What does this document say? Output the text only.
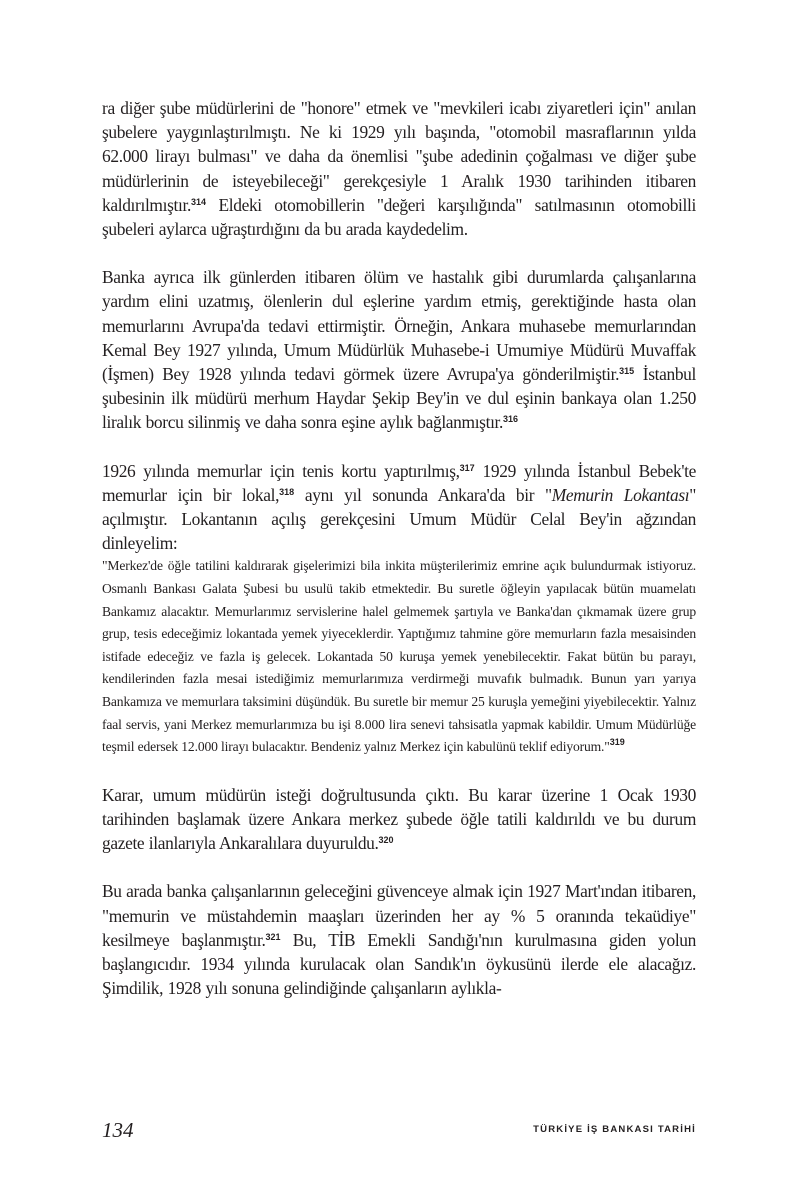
ra diğer şube müdürlerini de "honore" etmek ve "mevkileri icabı ziyaretleri için" anılan şubelere yaygınlaştırılmıştı. Ne ki 1929 yılı başında, "otomobil masraflarının yılda 62.000 lirayı bulması" ve daha da önemlisi "şube adedinin çoğalması ve diğer şube müdürlerinin de isteyebileceği" gerekçesiyle 1 Aralık 1930 tarihinden itibaren kaldırılmıştır.$^{314}$ Eldeki otomobillerin "değeri karşılığında" satılmasının otomobilli şubeleri aylarca uğraştırdığını da bu arada kaydedelim.

Banka ayrıca ilk günlerden itibaren ölüm ve hastalık gibi durumlarda çalışanlarına yardım elini uzatmış, ölenlerin dul eşlerine yardım etmiş, gerektiğinde hasta olan memurlarını Avrupa'da tedavi ettirmiştir. Örneğin, Ankara muhasebe memurlarından Kemal Bey 1927 yılında, Umum Müdürlük Muhasebe-i Umumiye Müdürü Muvaffak (İşmen) Bey 1928 yılında tedavi görmek üzere Avrupa'ya gönderilmiştir.$^{315}$ İstanbul şubesinin ilk müdürü merhum Haydar Şekip Bey'in ve dul eşinin bankaya olan 1.250 liralık borcu silinmiş ve daha sonra eşine aylık bağlanmıştır.$^{316}$

1926 yılında memurlar için tenis kortu yaptırılmış,$^{317}$ 1929 yılında İstanbul Bebek'te memurlar için bir lokal,$^{318}$ aynı yıl sonunda Ankara'da bir "Memurin Lokantası" açılmıştır. Lokantanın açılış gerekçesini Umum Müdür Celal Bey'in ağzından dinleyelim:

"Merkez'de öğle tatilini kaldırarak gişelerimizi bila inkita müşterilerimiz emrine açık bulundurmak istiyoruz. Osmanlı Bankası Galata Şubesi bu usulü takib etmektedir. Bu suretle öğleyin yapılacak bütün muamelatı Bankamız alacaktır. Memurlarımız servislerine halel gelmemek şartıyla ve Banka'dan çıkmamak üzere grup grup, tesis edeceğimiz lokantada yemek yiyeceklerdir. Yaptığımız tahmine göre memurların fazla mesaisinden istifade edeceğiz ve fazla iş gelecek. Lokantada 50 kuruşa yemek yenebilecektir. Fakat bütün bu parayı, kendilerinden fazla mesai istediğimiz memurlarımıza verdirmeği muvafık bulmadık. Bunun yarı yarıya Bankamıza ve memurlara taksimini düşündük. Bu suretle bir memur 25 kuruşla yemeğini yiyebilecektir. Yalnız faal servis, yani Merkez memurlarımıza bu işi 8.000 lira senevi tahsisatla yapmak kabildir. Umum Müdürlüğe teşmil edersek 12.000 lirayı bulacaktır. Bendeniz yalnız Merkez için kabulünü teklif ediyorum."$^{319}$

Karar, umum müdürün isteği doğrultusunda çıktı. Bu karar üzerine 1 Ocak 1930 tarihinden başlamak üzere Ankara merkez şubede öğle tatili kaldırıldı ve bu durum gazete ilanlarıyla Ankaralılara duyuruldu.$^{320}$

Bu arada banka çalışanlarının geleceğini güvenceye almak için 1927 Mart'ından itibaren, "memurin ve müstahdemin maaşları üzerinden her ay % 5 oranında tekaüdiye" kesilmeye başlanmıştır.$^{321}$ Bu, TİB Emekli Sandığı'nın kurulmasına giden yolun başlangıcıdır. 1934 yılında kurulacak olan Sandık'ın öykusünü ilerde ele alacağız. Şimdilik, 1928 yılı sonuna gelindiğinde çalışanların aylıkla-

134	TÜRKİYE İŞ BANKASI TARİHİ
